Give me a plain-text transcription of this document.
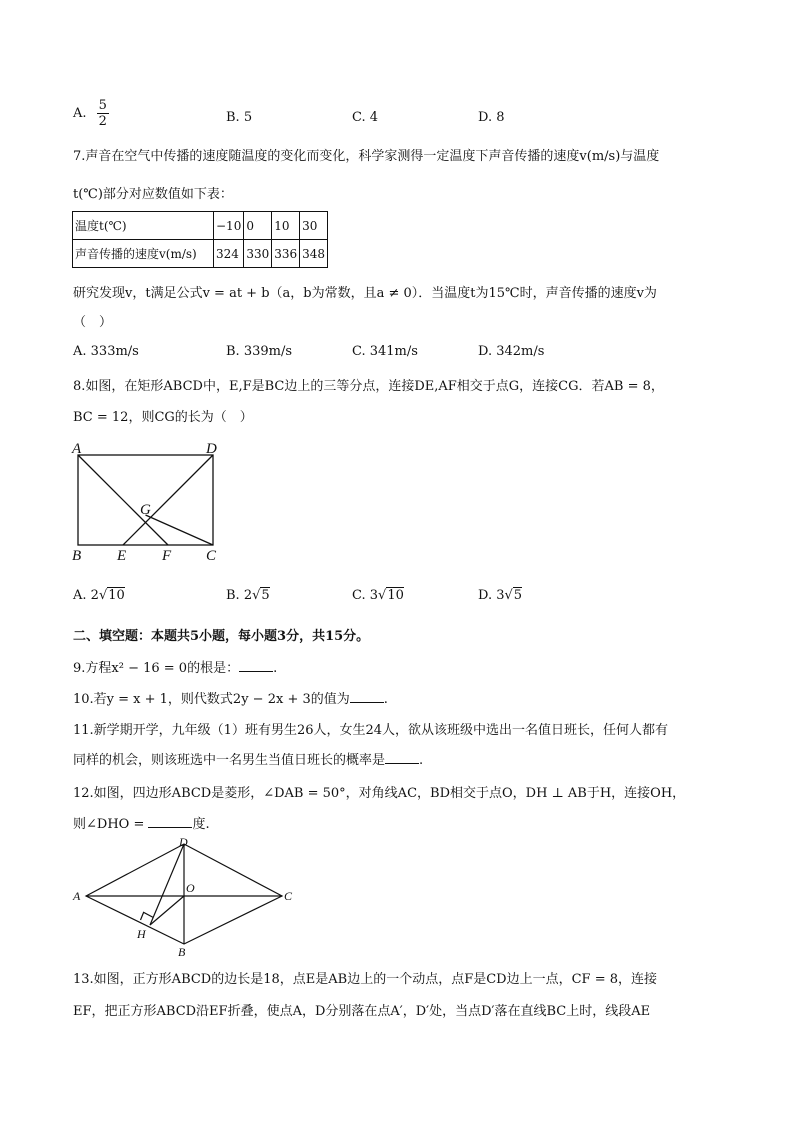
A. $\frac{5}{2}$	B. 5	C. 4	D. 8
7.声音在空气中传播的速度随温度的变化而变化，科学家测得一定温度下声音传播的速度v(m/s)与温度
t(℃)部分对应数值如下表：
温度t(℃)	−10	0	10	30
声音传播的速度v(m/s)	324	330	336	348
研究发现v，t满足公式v = at + b（a，b为常数，且a ≠ 0）．当温度t为15℃时，声音传播的速度v为
（　）
A. 333m/s	B. 339m/s	C. 341m/s	D. 342m/s
8.如图，在矩形ABCD中，E,F是BC边上的三等分点，连接DE,AF相交于点G，连接CG．若AB = 8，
BC = 12，则CG的长为（　）
A	D
G
B E F C
A. 2√10	B. 2√5	C. 3√10	D. 3√5
二、填空题：本题共5小题，每小题3分，共15分。
9.方程x² − 16 = 0的根是：	.
10.若y = x + 1，则代数式2y − 2x + 3的值为	.
11.新学期开学，九年级（1）班有男生26人，女生24人，欲从该班级中选出一名值日班长，任何人都有
同样的机会，则该班选中一名男生当值日班长的概率是	.
12.如图，四边形ABCD是菱形，∠DAB = 50°，对角线AC，BD相交于点O，DH ⊥ AB于H，连接OH，
则∠DHO =	度.
D
A
O
C
H
B
13.如图，正方形ABCD的边长是18，点E是AB边上的一个动点，点F是CD边上一点，CF = 8，连接
EF，把正方形ABCD沿EF折叠，使点A，D分别落在点A′，D′处，当点D′落在直线BC上时，线段AE
